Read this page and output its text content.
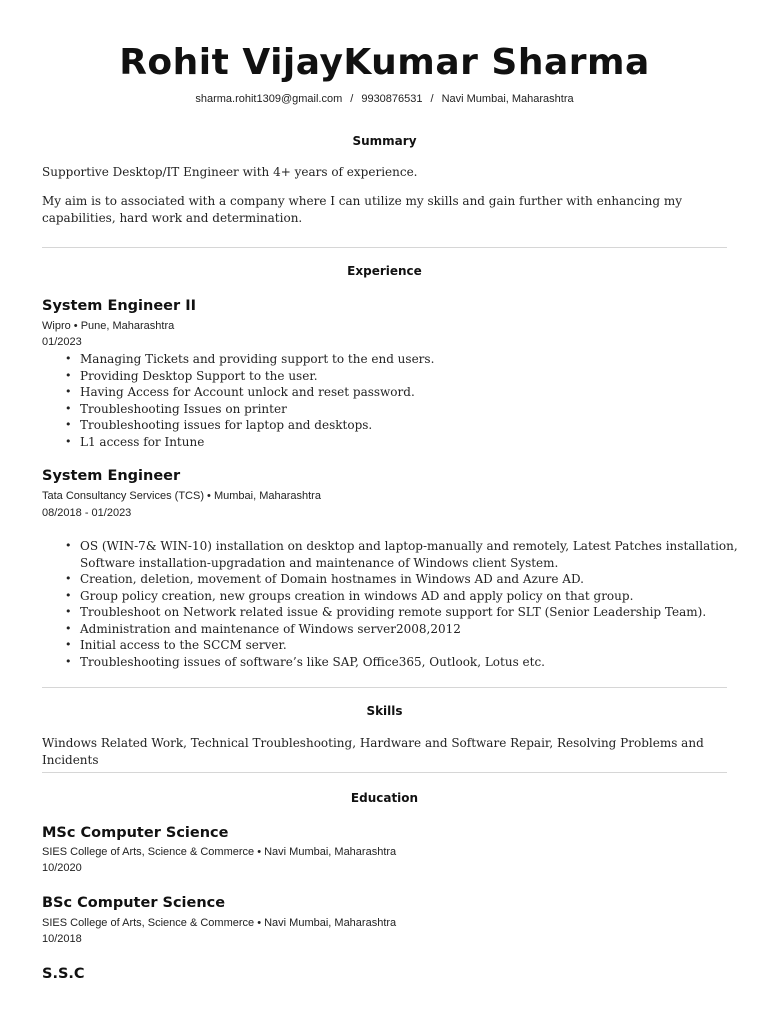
Rohit VijayKumar Sharma
sharma.rohit1309@gmail.com / 9930876531 / Navi Mumbai, Maharashtra
Summary
Supportive Desktop/IT Engineer with 4+ years of experience.
My aim is to associated with a company where I can utilize my skills and gain further with enhancing my capabilities, hard work and determination.
Experience
System Engineer II
Wipro • Pune, Maharashtra
01/2023
• Managing Tickets and providing support to the end users.
• Providing Desktop Support to the user.
• Having Access for Account unlock and reset password.
• Troubleshooting Issues on printer
• Troubleshooting issues for laptop and desktops.
• L1 access for Intune
System Engineer
Tata Consultancy Services (TCS) • Mumbai, Maharashtra
08/2018 - 01/2023
• OS (WIN-7& WIN-10) installation on desktop and laptop-manually and remotely, Latest Patches installation, Software installation-upgradation and maintenance of Windows client System.
• Creation, deletion, movement of Domain hostnames in Windows AD and Azure AD.
• Group policy creation, new groups creation in windows AD and apply policy on that group.
• Troubleshoot on Network related issue & providing remote support for SLT (Senior Leadership Team).
• Administration and maintenance of Windows server2008,2012
• Initial access to the SCCM server.
• Troubleshooting issues of software’s like SAP, Office365, Outlook, Lotus etc.
Skills
Windows Related Work, Technical Troubleshooting, Hardware and Software Repair, Resolving Problems and Incidents
Education
MSc Computer Science
SIES College of Arts, Science & Commerce • Navi Mumbai, Maharashtra
10/2020
BSc Computer Science
SIES College of Arts, Science & Commerce • Navi Mumbai, Maharashtra
10/2018
S.S.C
